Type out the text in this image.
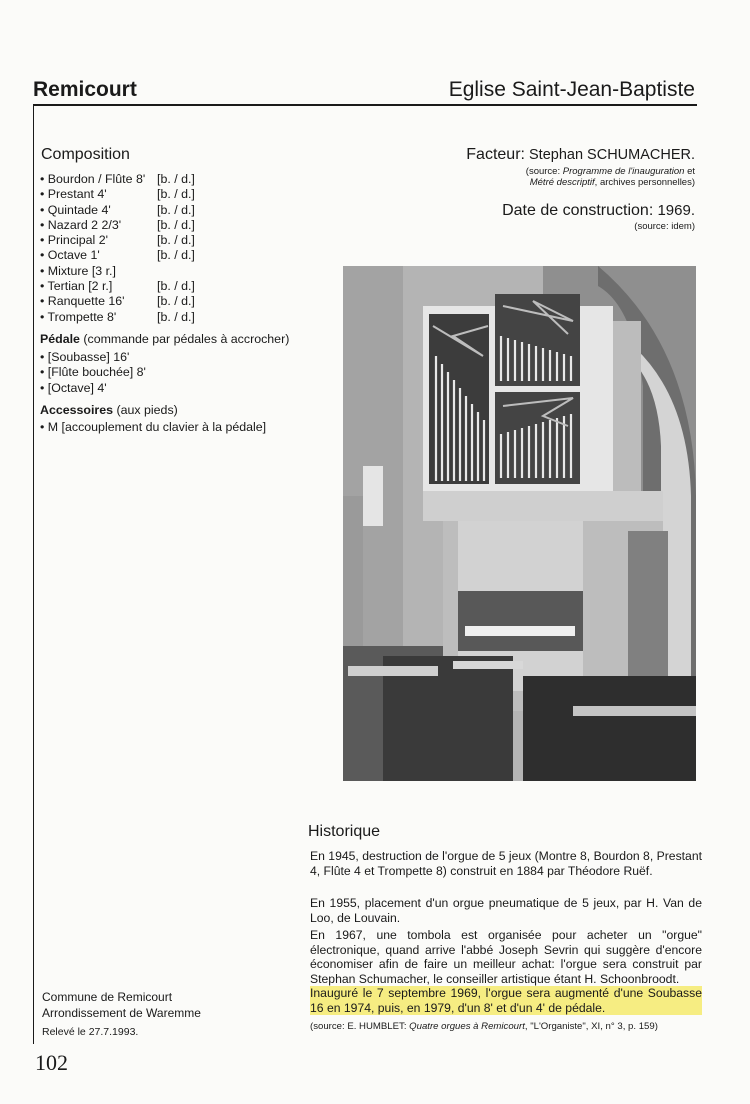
Remicourt	Eglise Saint-Jean-Baptiste
Composition
• Bourdon / Flûte 8' [b. / d.]
• Prestant 4'	[b. / d.]
• Quintade 4'	[b. / d.]
• Nazard 2 2/3'	[b. / d.]
• Principal 2'	[b. / d.]
• Octave 1'	[b. / d.]
• Mixture [3 r.]
• Tertian [2 r.]	[b. / d.]
• Ranquette 16'	[b. / d.]
• Trompette 8'	[b. / d.]
Pédale (commande par pédales à accrocher)
• [Soubasse] 16'
• [Flûte bouchée] 8'
• [Octave] 4'
Accessoires (aux pieds)
• M [accouplement du clavier à la pédale]
Facteur: Stephan SCHUMACHER.
(source: Programme de l'inauguration et
Métré descriptif, archives personnelles)
Date de construction: 1969.
(source: idem)
Historique
En 1945, destruction de l'orgue de 5 jeux (Montre 8, Bourdon 8, Prestant 4, Flûte 4 et Trompette 8) construit en 1884 par Théodore Ruëf.
En 1955, placement d'un orgue pneumatique de 5 jeux, par H. Van de Loo, de Louvain.
En 1967, une tombola est organisée pour acheter un "orgue" électronique, quand arrive l'abbé Joseph Sevrin qui suggère d'encore économiser afin de faire un meilleur achat: l'orgue sera construit par Stephan Schumacher, le conseiller artistique étant H. Schoonbroodt.
Inauguré le 7 septembre 1969, l'orgue sera augmenté d'une Soubasse 16 en 1974, puis, en 1979, d'un 8' et d'un 4' de pédale.
(source: E. HUMBLET: Quatre orgues à Remicourt, "L'Organiste", XI, n° 3, p. 159)
Commune de Remicourt
Arrondissement de Waremme
Relevé le 27.7.1993.
102
